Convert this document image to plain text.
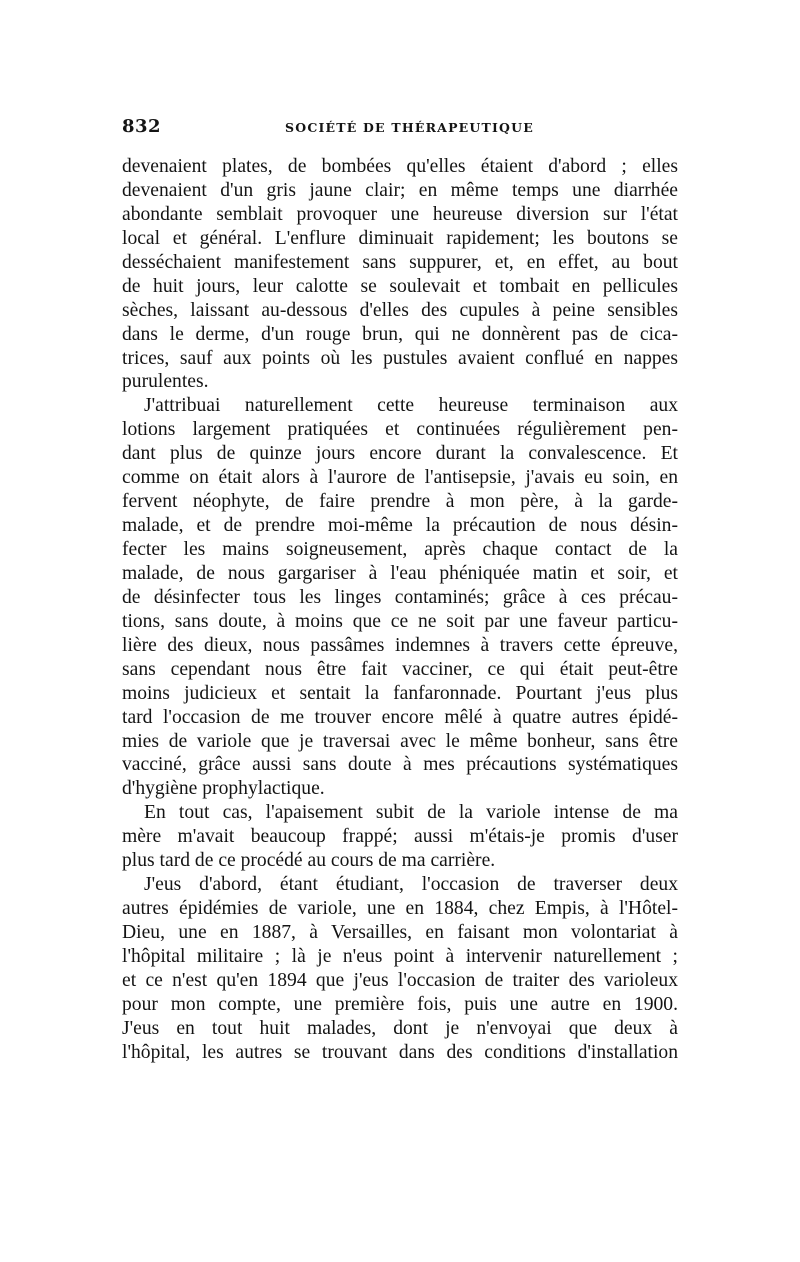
832	SOCIÉTÉ DE THÉRAPEUTIQUE
devenaient plates, de bombées qu'elles étaient d'abord ; elles
devenaient d'un gris jaune clair; en même temps une diarrhée
abondante semblait provoquer une heureuse diversion sur l'état
local et général. L'enflure diminuait rapidement; les boutons se
desséchaient manifestement sans suppurer, et, en effet, au bout
de huit jours, leur calotte se soulevait et tombait en pellicules
sèches, laissant au-dessous d'elles des cupules à peine sensibles
dans le derme, d'un rouge brun, qui ne donnèrent pas de cica-
trices, sauf aux points où les pustules avaient conflué en nappes
purulentes.
J'attribuai naturellement cette heureuse terminaison aux
lotions largement pratiquées et continuées régulièrement pen-
dant plus de quinze jours encore durant la convalescence. Et
comme on était alors à l'aurore de l'antisepsie, j'avais eu soin, en
fervent néophyte, de faire prendre à mon père, à la garde-
malade, et de prendre moi-même la précaution de nous désin-
fecter les mains soigneusement, après chaque contact de la
malade, de nous gargariser à l'eau phéniquée matin et soir, et
de désinfecter tous les linges contaminés; grâce à ces précau-
tions, sans doute, à moins que ce ne soit par une faveur particu-
lière des dieux, nous passâmes indemnes à travers cette épreuve,
sans cependant nous être fait vacciner, ce qui était peut-être
moins judicieux et sentait la fanfaronnade. Pourtant j'eus plus
tard l'occasion de me trouver encore mêlé à quatre autres épidé-
mies de variole que je traversai avec le même bonheur, sans être
vacciné, grâce aussi sans doute à mes précautions systématiques
d'hygiène prophylactique.
En tout cas, l'apaisement subit de la variole intense de ma
mère m'avait beaucoup frappé; aussi m'étais-je promis d'user
plus tard de ce procédé au cours de ma carrière.
J'eus d'abord, étant étudiant, l'occasion de traverser deux
autres épidémies de variole, une en 1884, chez Empis, à l'Hôtel-
Dieu, une en 1887, à Versailles, en faisant mon volontariat à
l'hôpital militaire ; là je n'eus point à intervenir naturellement ;
et ce n'est qu'en 1894 que j'eus l'occasion de traiter des varioleux
pour mon compte, une première fois, puis une autre en 1900.
J'eus en tout huit malades, dont je n'envoyai que deux à
l'hôpital, les autres se trouvant dans des conditions d'installation
